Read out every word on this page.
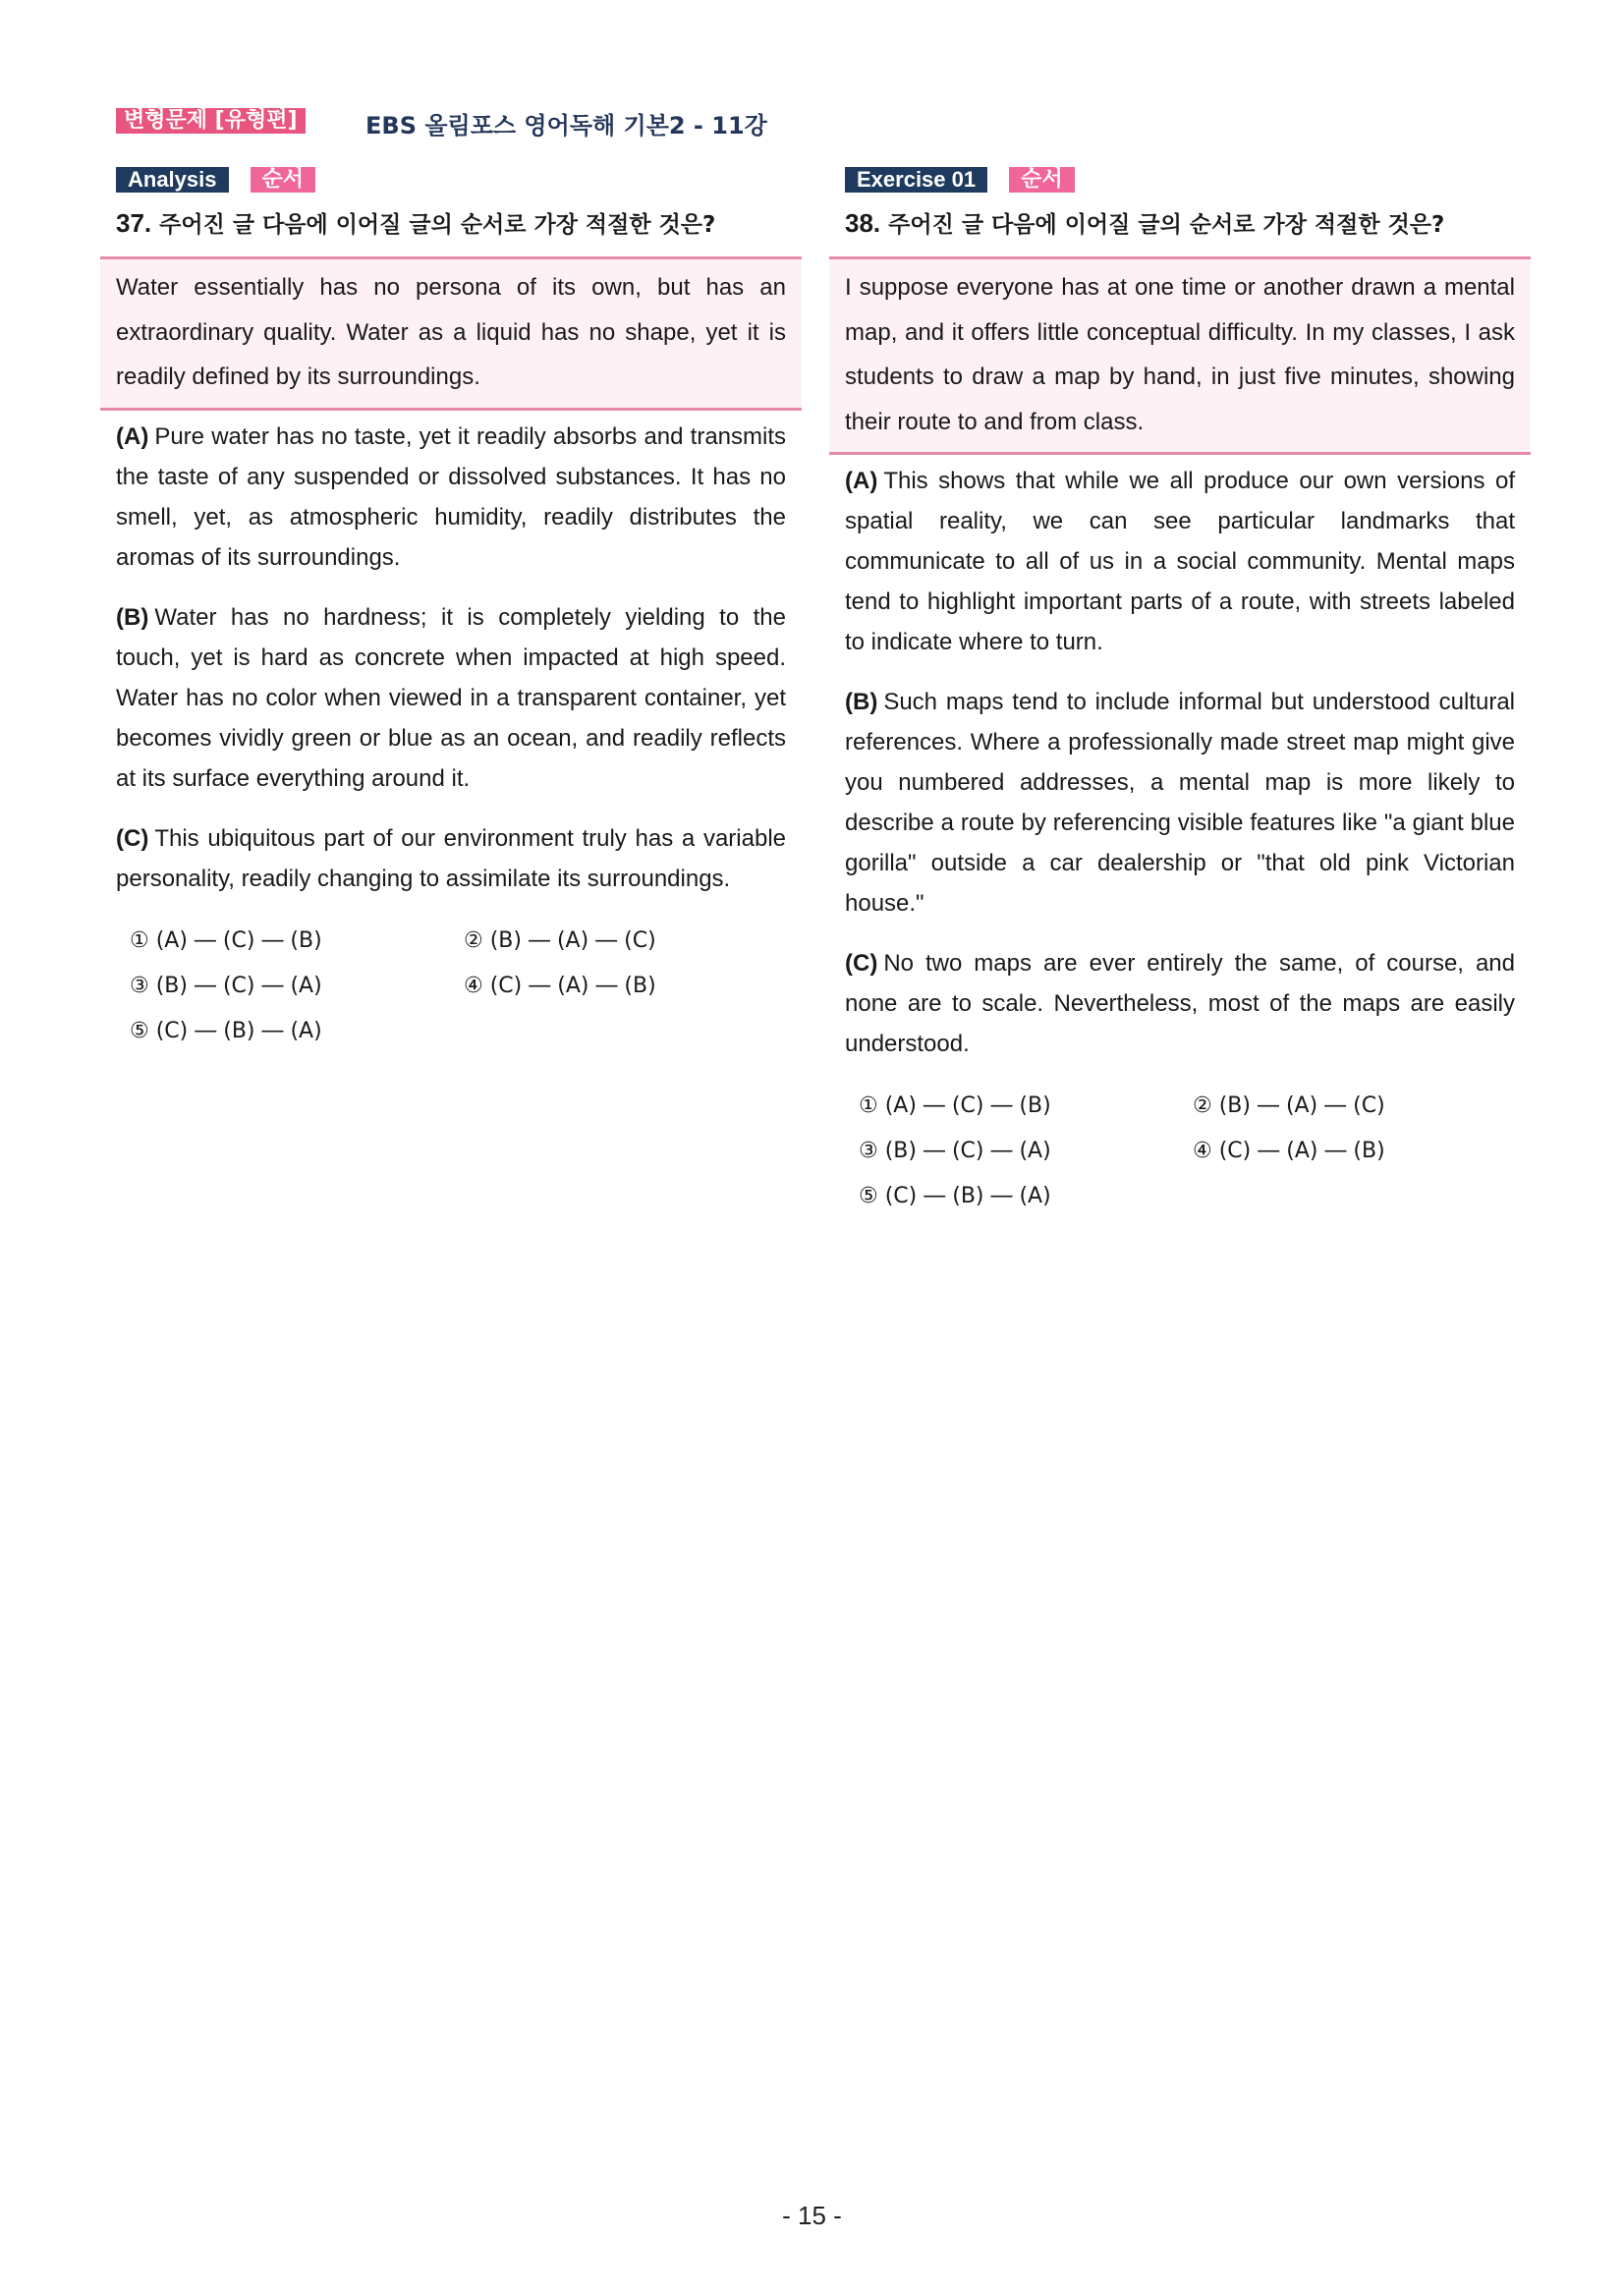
변형문제 [유형편]	EBS 올림포스 영어독해 기본2 - 11강
Analysis 순서
37. 주어진 글 다음에 이어질 글의 순서로 가장 적절한 것은?
Water essentially has no persona of its own, but has an extraordinary quality. Water as a liquid has no shape, yet it is readily defined by its surroundings.
(A) Pure water has no taste, yet it readily absorbs and transmits the taste of any suspended or dissolved substances. It has no smell, yet, as atmospheric humidity, readily distributes the aromas of its surroundings.
(B) Water has no hardness; it is completely yielding to the touch, yet is hard as concrete when impacted at high speed. Water has no color when viewed in a transparent container, yet becomes vividly green or blue as an ocean, and readily reflects at its surface everything around it.
(C) This ubiquitous part of our environment truly has a variable personality, readily changing to assimilate its surroundings.
① (A) ― (C) ― (B)	② (B) ― (A) ― (C)
③ (B) ― (C) ― (A)	④ (C) ― (A) ― (B)
⑤ (C) ― (B) ― (A)
Exercise 01 순서
38. 주어진 글 다음에 이어질 글의 순서로 가장 적절한 것은?
I suppose everyone has at one time or another drawn a mental map, and it offers little conceptual difficulty. In my classes, I ask students to draw a map by hand, in just five minutes, showing their route to and from class.
(A) This shows that while we all produce our own versions of spatial reality, we can see particular landmarks that communicate to all of us in a social community. Mental maps tend to highlight important parts of a route, with streets labeled to indicate where to turn.
(B) Such maps tend to include informal but understood cultural references. Where a professionally made street map might give you numbered addresses, a mental map is more likely to describe a route by referencing visible features like "a giant blue gorilla" outside a car dealership or "that old pink Victorian house."
(C) No two maps are ever entirely the same, of course, and none are to scale. Nevertheless, most of the maps are easily understood.
① (A) ― (C) ― (B)	② (B) ― (A) ― (C)
③ (B) ― (C) ― (A)	④ (C) ― (A) ― (B)
⑤ (C) ― (B) ― (A)
- 15 -
